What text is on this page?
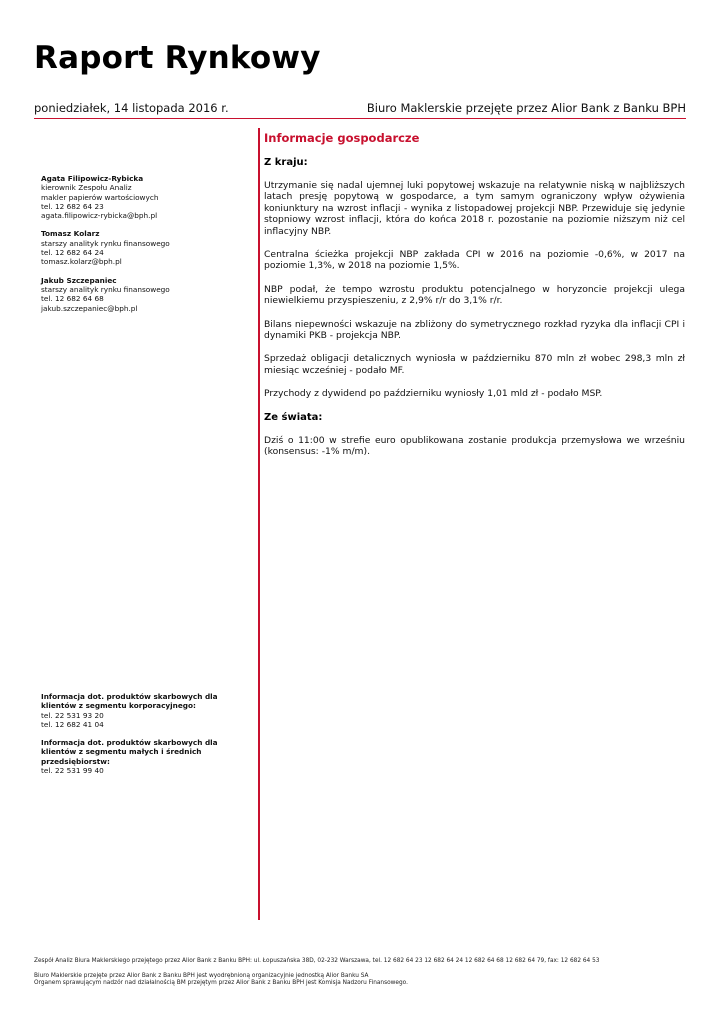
Raport Rynkowy
poniedziałek, 14 listopada 2016 r.	Biuro Maklerskie przejęte przez Alior Bank z Banku BPH
Agata Filipowicz-Rybicka
kierownik Zespołu Analiz
makler papierów wartościowych
tel. 12 682 64 23
agata.filipowicz-rybicka@bph.pl
Tomasz Kolarz
starszy analityk rynku finansowego
tel. 12 682 64 24
tomasz.kolarz@bph.pl
Jakub Szczepaniec
starszy analityk rynku finansowego
tel. 12 682 64 68
jakub.szczepaniec@bph.pl
Informacja dot. produktów skarbowych dla
klientów z segmentu korporacyjnego:
tel. 22 531 93 20
tel. 12 682 41 04
Informacja dot. produktów skarbowych dla
klientów z segmentu małych i średnich
przedsiębiorstw:
tel. 22 531 99 40
Informacje gospodarcze
Z kraju:

Utrzymanie się nadal ujemnej luki popytowej wskazuje na relatywnie niską w najbliższych latach presję popytową w gospodarce, a tym samym ograniczony wpływ ożywienia koniunktury na wzrost inflacji - wynika z listopadowej projekcji NBP. Przewiduje się jedynie stopniowy wzrost inflacji, która do końca 2018 r. pozostanie na poziomie niższym niż cel inflacyjny NBP.

Centralna ścieżka projekcji NBP zakłada CPI w 2016 na poziomie -0,6%, w 2017 na poziomie 1,3%, w 2018 na poziomie 1,5%.

NBP podał, że tempo wzrostu produktu potencjalnego w horyzoncie projekcji ulega niewielkiemu przyspieszeniu, z 2,9% r/r do 3,1% r/r.

Bilans niepewności wskazuje na zbliżony do symetrycznego rozkład ryzyka dla inflacji CPI i dynamiki PKB - projekcja NBP.

Sprzedaż obligacji detalicznych wyniosła w październiku 870 mln zł wobec 298,3 mln zł miesiąc wcześniej - podało MF.

Przychody z dywidend po październiku wyniosły 1,01 mld zł - podało MSP.

Ze świata:

Dziś o 11:00 w strefie euro opublikowana zostanie produkcja przemysłowa we wrześniu (konsensus: -1% m/m).

Zespół Analiz Biura Maklerskiego przejętego przez Alior Bank z Banku BPH: ul. Łopuszańska 38D, 02-232 Warszawa, tel. 12 682 64 23 12 682 64 24 12 682 64 68 12 682 64 79, fax: 12 682 64 53
Biuro Maklerskie przejęte przez Alior Bank z Banku BPH jest wyodrębnioną organizacyjnie jednostką Alior Banku SA
Organem sprawującym nadzór nad działalnością BM przejętym przez Alior Bank z Banku BPH jest Komisja Nadzoru Finansowego.
